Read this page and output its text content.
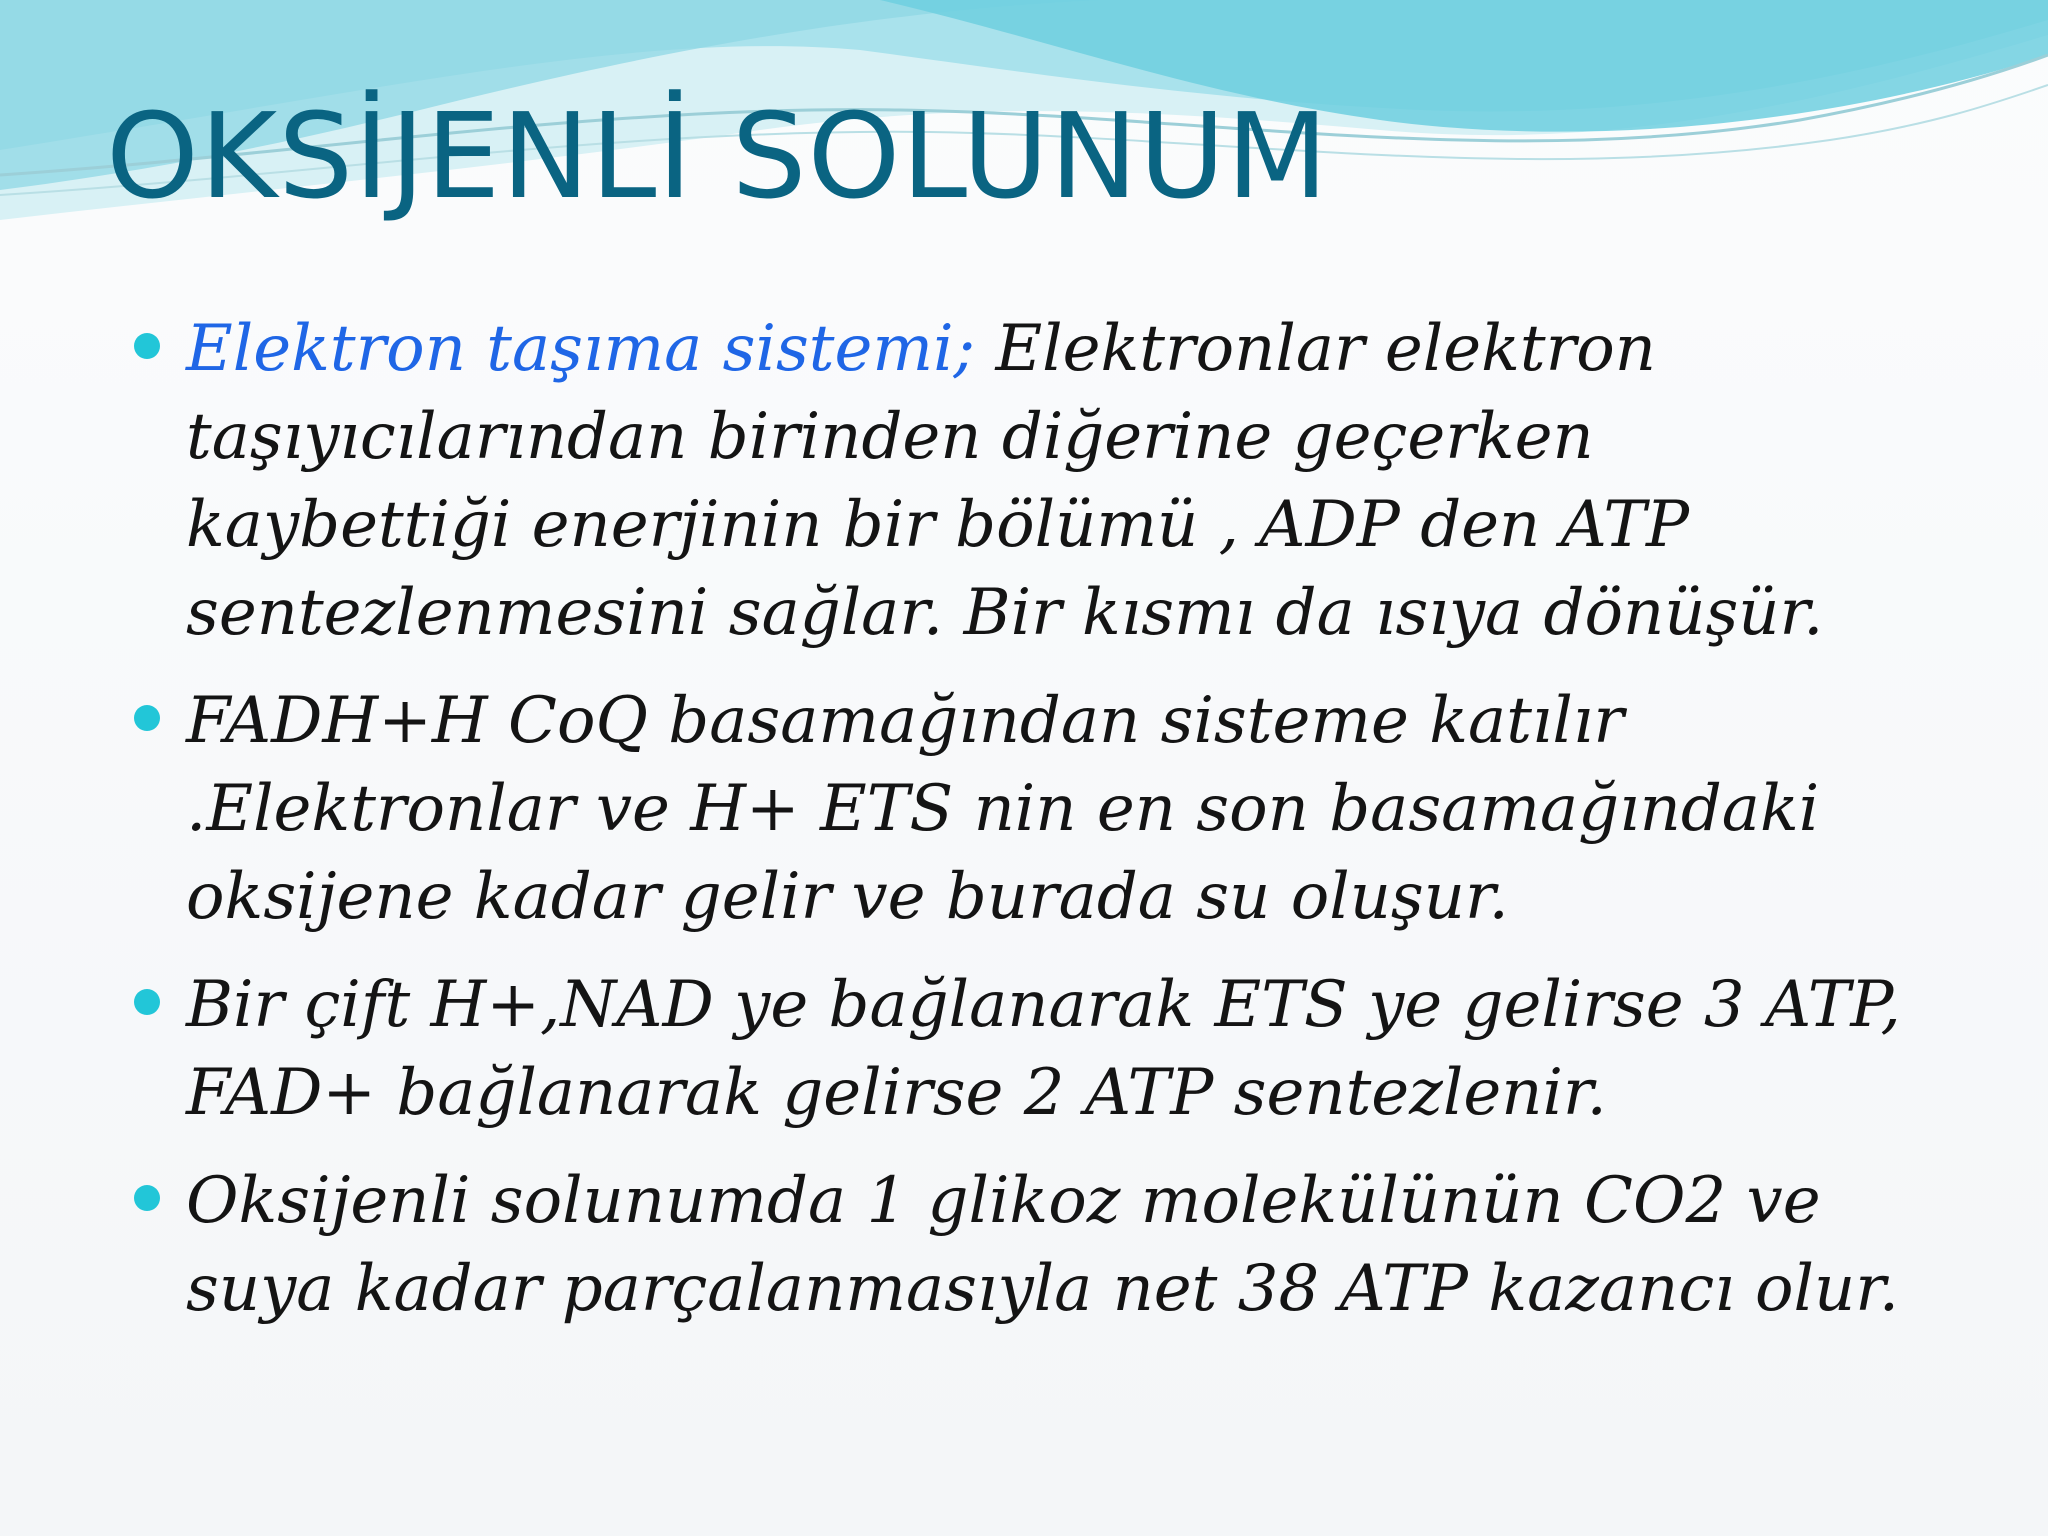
OKSİJENLİ SOLUNUM
Elektron taşıma sistemi; Elektronlar elektron taşıyıcılarından birinden diğerine geçerken kaybettiği enerjinin bir bölümü , ADP den ATP sentezlenmesini sağlar. Bir kısmı da ısıya dönüşür.
FADH+H CoQ basamağından sisteme katılır .Elektronlar ve H+ ETS nin en son basamağındaki oksijene kadar gelir ve burada su oluşur.
Bir çift H+,NAD ye bağlanarak ETS ye gelirse 3 ATP, FAD+ bağlanarak gelirse 2 ATP sentezlenir.
Oksijenli solunumda 1 glikoz molekülünün CO2 ve suya kadar parçalanmasıyla net 38 ATP kazancı olur.
